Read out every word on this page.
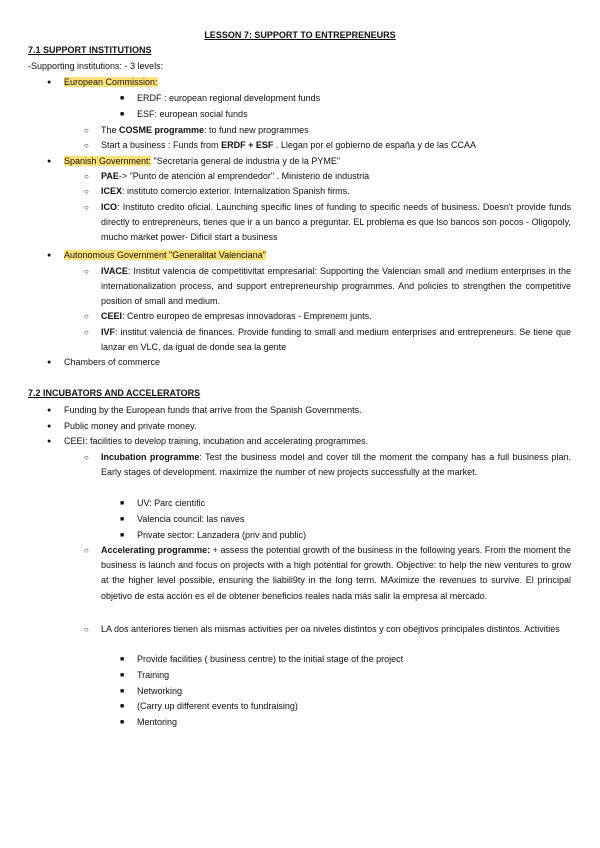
LESSON 7: SUPPORT TO ENTREPRENEURS
7.1 SUPPORT INSTITUTIONS
-Supporting institutions: - 3 levels:
● European Commission:
■ ERDF : european regional development funds
■ ESF: european social funds
○ The COSME programme: to fund new programmes
○ Start a business : Funds from ERDF + ESF . Llegan por el gobierno de españa y de las CCAA
● Spanish Government: "Secretaría general de industria y de la PYME"
○ PAE-> "Punto de atención al emprendedor" . Ministerio de industria
○ ICEX: instituto comercio exterior. Internalization Spanish firms.
○ ICO: Instituto credito oficial. Launching specific lines of funding to specific needs of business. Doesn't provide funds directly to entrepreneurs, tienes que ir a un banco a preguntar. EL problema es que lso bancos son pocos - Oligopoly, mucho market power- Dificil start a business
● Autonomous Government "Generalitat Valenciana"
○ IVACE: Institut valencia de competitivitat empresarial: Supporting the Valencian small and medium enterprises in the internationalization process, and support entrepreneurship programmes. And policies to strengthen the competitive position of small and medium.
○ CEEI: Centro europeo de empresas innovadoras - Emprenem junts.
○ IVF: institut valencià de finances. Provide funding to small and medium enterprises and entrepreneurs. Se tiene que lanzar en VLC, da igual de donde sea la gente
● Chambers of commerce
7.2 INCUBATORS AND ACCELERATORS
● Funding by the European funds that arrive from the Spanish Governments.
● Public money and private money.
● CEEI: facilities to develop training, incubation and accelerating programmes.
○ Incubation programme: Test the business model and cover till the moment the company has a full business plan. Early stages of development. maximize the number of new projects successfully at the market.
■ UV: Parc cientific
■ Valencia council: las naves
■ Private sector: Lanzadera (priv and public)
○ Accelerating programme: + assess the potential growth of the business in the following years. From the moment the business is launch and focus on projects with a high potential for growth. Objective: to help the new ventures to grow at the higher level possible, ensuring the liabili9ty in the long term. MAximize the revenues to survive. El principal objetivo de esta acción es el de obtener beneficios reales nada más salir la empresa al mercado.
○ LA dos anteriores tienen als mismas activities per oa niveles distintos y con obejtivos principales distintos. Activities
■ Provide facilities ( business centre) to the initial stage of the project
■ Training
■ Networking
■ (Carry up different events to fundraising)
■ Mentoring
